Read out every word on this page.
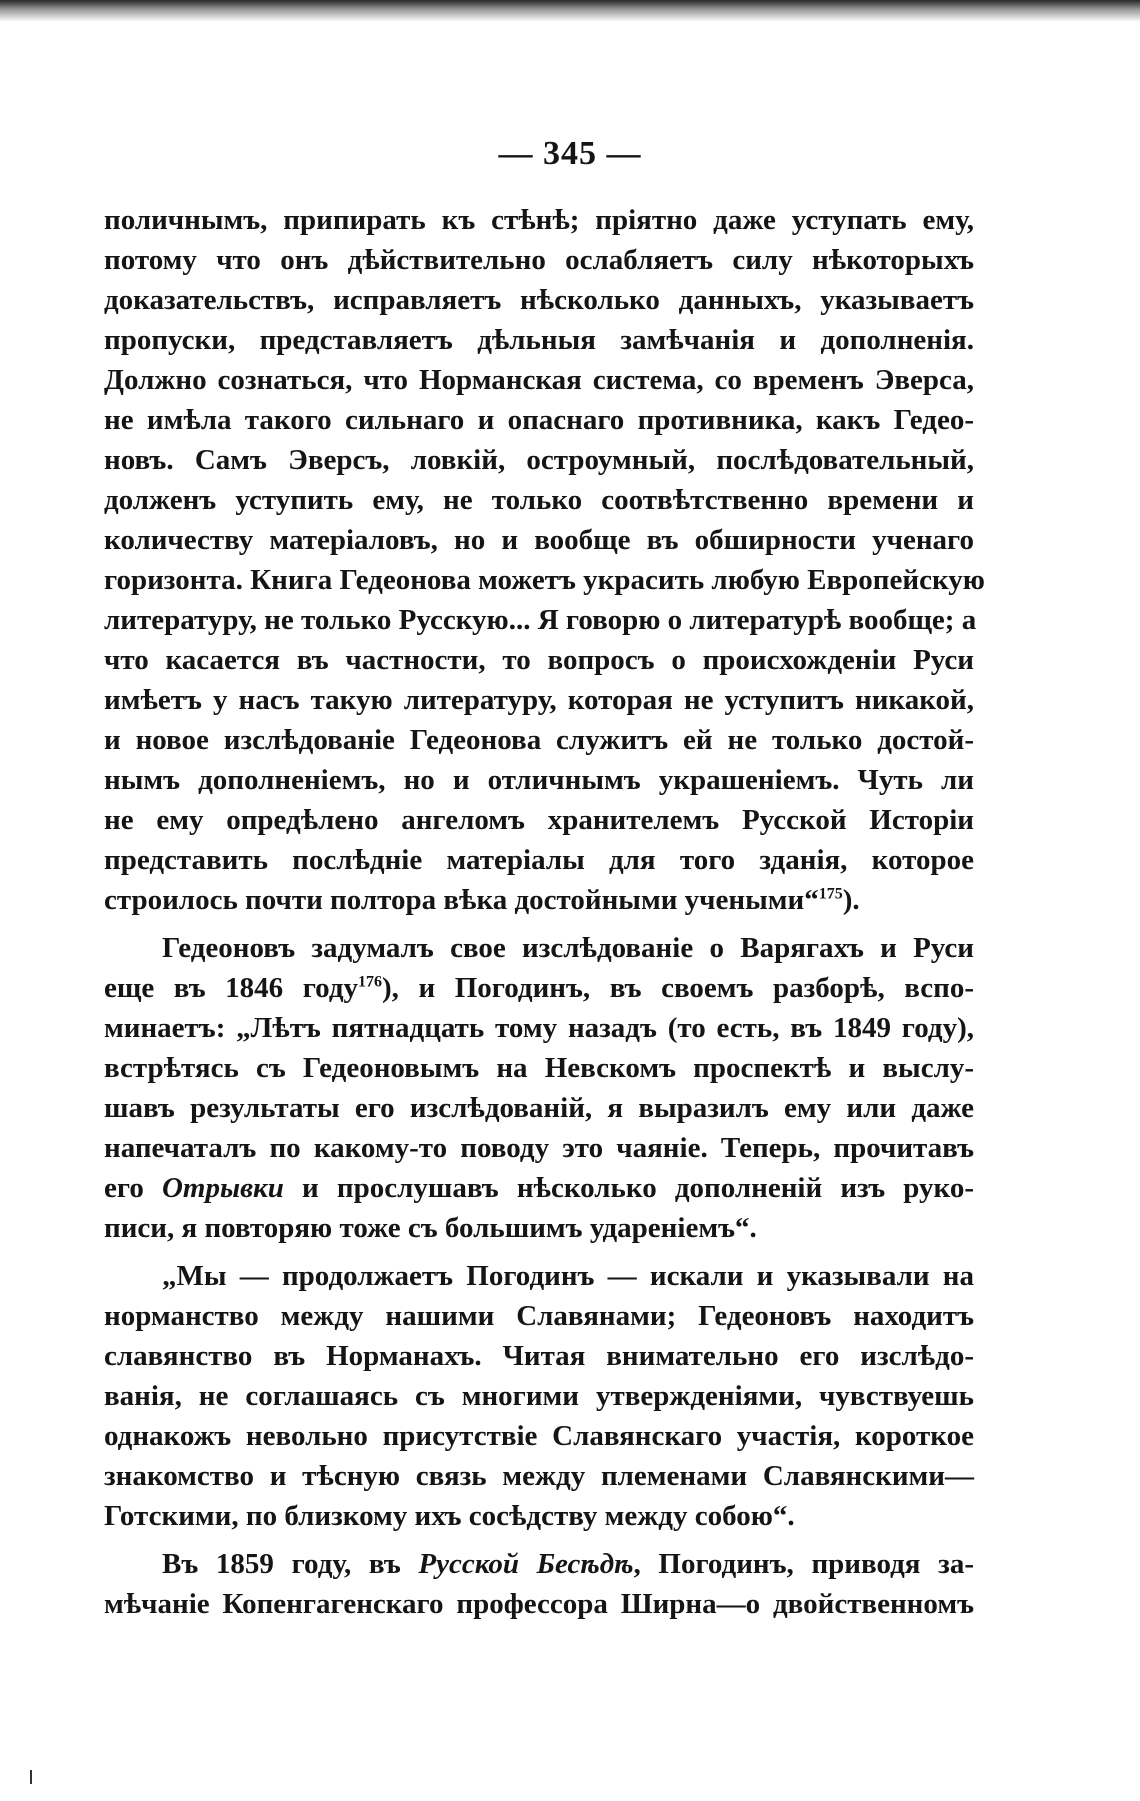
— 345 —
поличнымъ, припирать къ стѣнѣ; пріятно даже уступать ему,
потому что онъ дѣйствительно ослабляетъ силу нѣкоторыхъ
доказательствъ, исправляетъ нѣсколько данныхъ, указываетъ
пропуски, представляетъ дѣльныя замѣчанія и дополненія.
Должно сознаться, что Норманская система, со временъ Эверса,
не имѣла такого сильнаго и опаснаго противника, какъ Гедео-
новъ. Самъ Эверсъ, ловкій, остроумный, послѣдовательный,
долженъ уступить ему, не только соотвѣтственно времени и
количеству матеріаловъ, но и вообще въ обширности ученаго
горизонта. Книга Гедеонова можетъ украсить любую Европейскую
литературу, не только Русскую... Я говорю о литературѣ вообще; а
что касается въ частности, то вопросъ о происхожденіи Руси
имѣетъ у насъ такую литературу, которая не уступитъ никакой,
и новое изслѣдованіе Гедеонова служитъ ей не только достой-
нымъ дополненіемъ, но и отличнымъ украшеніемъ. Чуть ли
не ему опредѣлено ангеломъ хранителемъ Русской Исторіи
представить послѣдніе матеріалы для того зданія, которое
строилось почти полтора вѣка достойными учеными“$^{175}$).
Гедеоновъ задумалъ свое изслѣдованіе о Варягахъ и Руси
еще въ 1846 году$^{176}$), и Погодинъ, въ своемъ разборѣ, вспо-
минаетъ: „Лѣтъ пятнадцать тому назадъ (то есть, въ 1849 году),
встрѣтясь съ Гедеоновымъ на Невскомъ проспектѣ и выслу-
шавъ результаты его изслѣдованій, я выразилъ ему или даже
напечаталъ по какому-то поводу это чаяніе. Теперь, прочитавъ
его Отрывки и прослушавъ нѣсколько дополненій изъ руко-
писи, я повторяю тоже съ большимъ удареніемъ“.
„Мы — продолжаетъ Погодинъ — искали и указывали на
норманство между нашими Славянами; Гедеоновъ находитъ
славянство въ Норманахъ. Читая внимательно его изслѣдо-
ванія, не соглашаясь съ многими утвержденіями, чувствуешь
однакожъ невольно присутствіе Славянскаго участія, короткое
знакомство и тѣсную связь между племенами Славянскими—
Готскими, по близкому ихъ сосѣдству между собою“.
Въ 1859 году, въ Русской Бесѣдѣ, Погодинъ, приводя за-
мѣчаніе Копенгагенскаго профессора Ширна—о двойственномъ
